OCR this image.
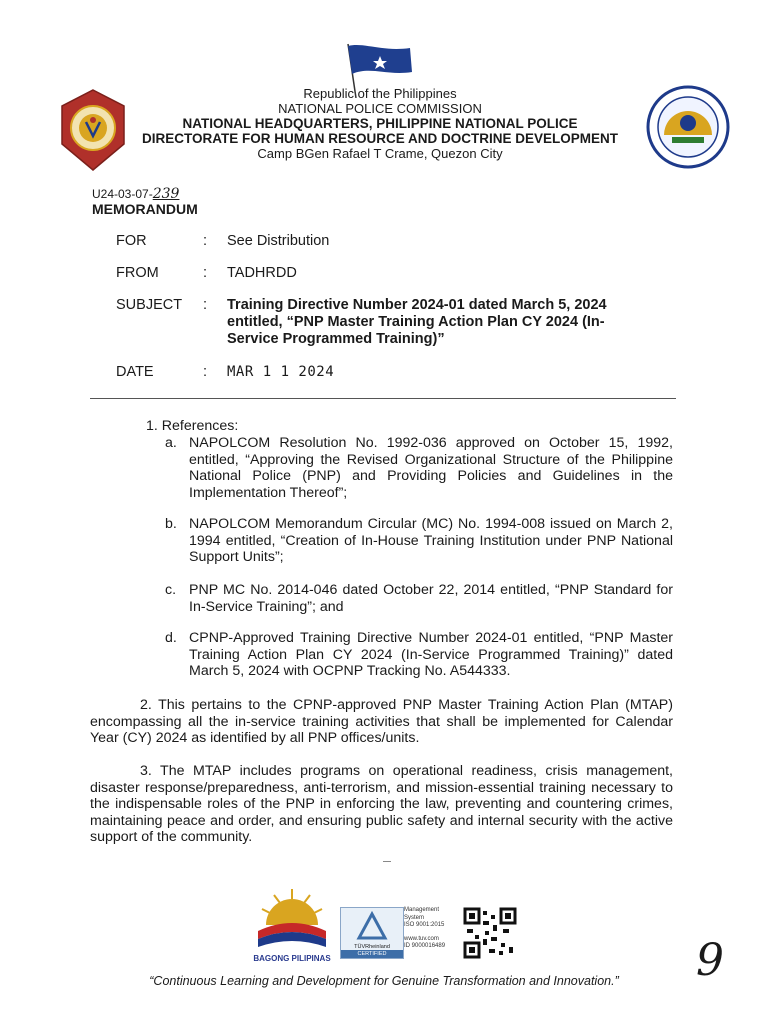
Republic of the Philippines
NATIONAL POLICE COMMISSION
NATIONAL HEADQUARTERS, PHILIPPINE NATIONAL POLICE
DIRECTORATE FOR HUMAN RESOURCE AND DOCTRINE DEVELOPMENT
Camp BGen Rafael T Crame, Quezon City
U24-03-07-239
MEMORANDUM
FOR	: See Distribution
FROM	: TADHRDD
SUBJECT : Training Directive Number 2024-01 dated March 5, 2024 entitled, “PNP Master Training Action Plan CY 2024 (In-Service Programmed Training)”
DATE	: MAR 1 1 2024
1. References:
a. NAPOLCOM Resolution No. 1992-036 approved on October 15, 1992, entitled, “Approving the Revised Organizational Structure of the Philippine National Police (PNP) and Providing Policies and Guidelines in the Implementation Thereof”;
b. NAPOLCOM Memorandum Circular (MC) No. 1994-008 issued on March 2, 1994 entitled, “Creation of In-House Training Institution under PNP National Support Units”;
c. PNP MC No. 2014-046 dated October 22, 2014 entitled, “PNP Standard for In-Service Training”; and
d. CPNP-Approved Training Directive Number 2024-01 entitled, “PNP Master Training Action Plan CY 2024 (In-Service Programmed Training)” dated March 5, 2024 with OCPNP Tracking No. A544333.
2. This pertains to the CPNP-approved PNP Master Training Action Plan (MTAP) encompassing all the in-service training activities that shall be implemented for Calendar Year (CY) 2024 as identified by all PNP offices/units.
3. The MTAP includes programs on operational readiness, crisis management, disaster response/preparedness, anti-terrorism, and mission-essential training necessary to the indispensable roles of the PNP in enforcing the law, preventing and countering crimes, maintaining peace and order, and ensuring public safety and internal security with the active support of the community.
BAGONG PILIPINAS
TÜVRheinland
CERTIFIED
Management
System
ISO 9001:2015
www.tuv.com
ID 9000016489	9
“Continuous Learning and Development for Genuine Transformation and Innovation.”
